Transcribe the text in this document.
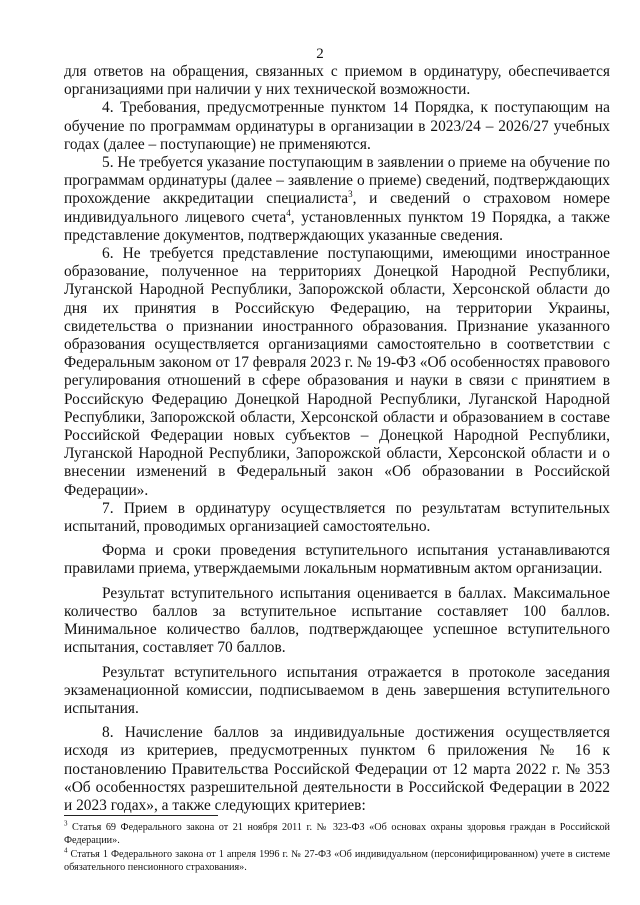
2

для ответов на обращения, связанных с приемом в ординатуру, обеспечивается организациями при наличии у них технической возможности.

4. Требования, предусмотренные пунктом 14 Порядка, к поступающим на обучение по программам ординатуры в организации в 2023/24 – 2026/27 учебных годах (далее – поступающие) не применяются.

5. Не требуется указание поступающим в заявлении о приеме на обучение по программам ординатуры (далее – заявление о приеме) сведений, подтверждающих прохождение аккредитации специалиста$^3$, и сведений о страховом номере индивидуального лицевого счета$^4$, установленных пунктом 19 Порядка, а также представление документов, подтверждающих указанные сведения.

6. Не требуется представление поступающими, имеющими иностранное образование, полученное на территориях Донецкой Народной Республики, Луганской Народной Республики, Запорожской области, Херсонской области до дня их принятия в Российскую Федерацию, на территории Украины, свидетельства о признании иностранного образования. Признание указанного образования осуществляется организациями самостоятельно в соответствии с Федеральным законом от 17 февраля 2023 г. № 19-ФЗ «Об особенностях правового регулирования отношений в сфере образования и науки в связи с принятием в Российскую Федерацию Донецкой Народной Республики, Луганской Народной Республики, Запорожской области, Херсонской области и образованием в составе Российской Федерации новых субъектов – Донецкой Народной Республики, Луганской Народной Республики, Запорожской области, Херсонской области и о внесении изменений в Федеральный закон «Об образовании в Российской Федерации».

7. Прием в ординатуру осуществляется по результатам вступительных испытаний, проводимых организацией самостоятельно.

Форма и сроки проведения вступительного испытания устанавливаются правилами приема, утверждаемыми локальным нормативным актом организации.

Результат вступительного испытания оценивается в баллах. Максимальное количество баллов за вступительное испытание составляет 100 баллов. Минимальное количество баллов, подтверждающее успешное вступительного испытания, составляет 70 баллов.

Результат вступительного испытания отражается в протоколе заседания экзаменационной комиссии, подписываемом в день завершения вступительного испытания.

8. Начисление баллов за индивидуальные достижения осуществляется исходя из критериев, предусмотренных пунктом 6 приложения № 16 к постановлению Правительства Российской Федерации от 12 марта 2022 г. № 353 «Об особенностях разрешительной деятельности в Российской Федерации в 2022 и 2023 годах», а также следующих критериев:

$^3$ Статья 69 Федерального закона от 21 ноября 2011 г. № 323-ФЗ «Об основах охраны здоровья граждан в Российской Федерации».

$^4$ Статья 1 Федерального закона от 1 апреля 1996 г. № 27-ФЗ «Об индивидуальном (персонифицированном) учете в системе обязательного пенсионного страхования».
